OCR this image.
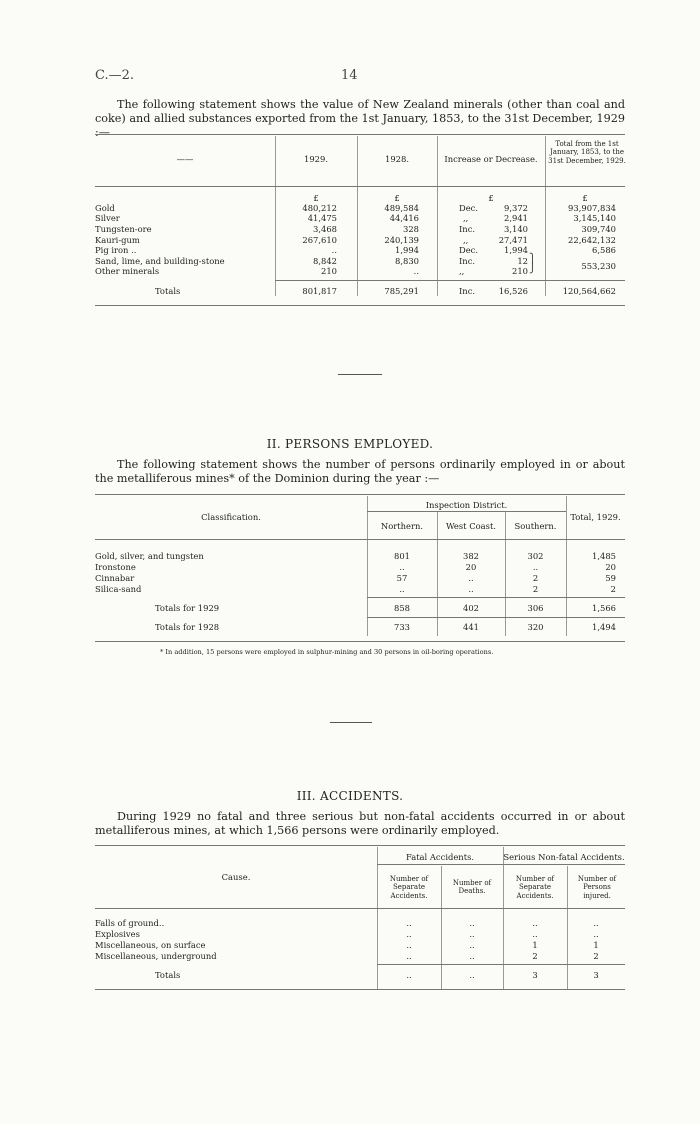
C.—2.	14
The following statement shows the value of New Zealand minerals (other than coal and coke) and allied substances exported from the 1st January, 1853, to the 31st December, 1929 :—
——	1929.	1928.	Increase or Decrease.
Total from the 1st January, 1853, to the 31st December, 1929.
£	£	£	£
Gold	480,212	489,584	Dec.	9,372	93,907,834
Silver	41,475	44,416	,,	2,941	3,145,140
Tungsten-ore	3,468	328	Inc.	3,140	309,740
Kauri-gum	267,610	240,139	,,	27,471	22,642,132
Pig iron ..	..	1,994	Dec.	1,994	6,586
Sand, lime, and building-stone	8,842	8,830	Inc.	12	553,230
Other minerals	210	..	,,	210
⎫
⎭
Totals	801,817	785,291	Inc.	16,526	120,564,662
II. PERSONS EMPLOYED.
The following statement shows the number of persons ordinarily employed in or about the metalliferous mines* of the Dominion during the year :—
Classification.
Inspection District.
Northern.	West Coast.	Southern.
Total, 1929.
Gold, silver, and tungsten	801	382	302	1,485
Ironstone	..	20	..	20
Cinnabar	57	..	2	59
Silica-sand	..	..	2	2
Totals for 1929	858	402	306	1,566
Totals for 1928	733	441	320	1,494
* In addition, 15 persons were employed in sulphur-mining and 30 persons in oil-boring operations.
III. ACCIDENTS.
During 1929 no fatal and three serious but non-fatal accidents occurred in or about metalliferous mines, at which 1,566 persons were ordinarily employed.
Cause.
Fatal Accidents.	Serious Non-fatal Accidents.
Number of Separate Accidents.
Number of Deaths.
Number of Separate Accidents.
Number of Persons injured.
Falls of ground..	..	..	..	..
Explosives	..	..	..	..
Miscellaneous, on surface	..	..	1	1
Miscellaneous, underground	..	..	2	2
Totals	..	..	3	3
